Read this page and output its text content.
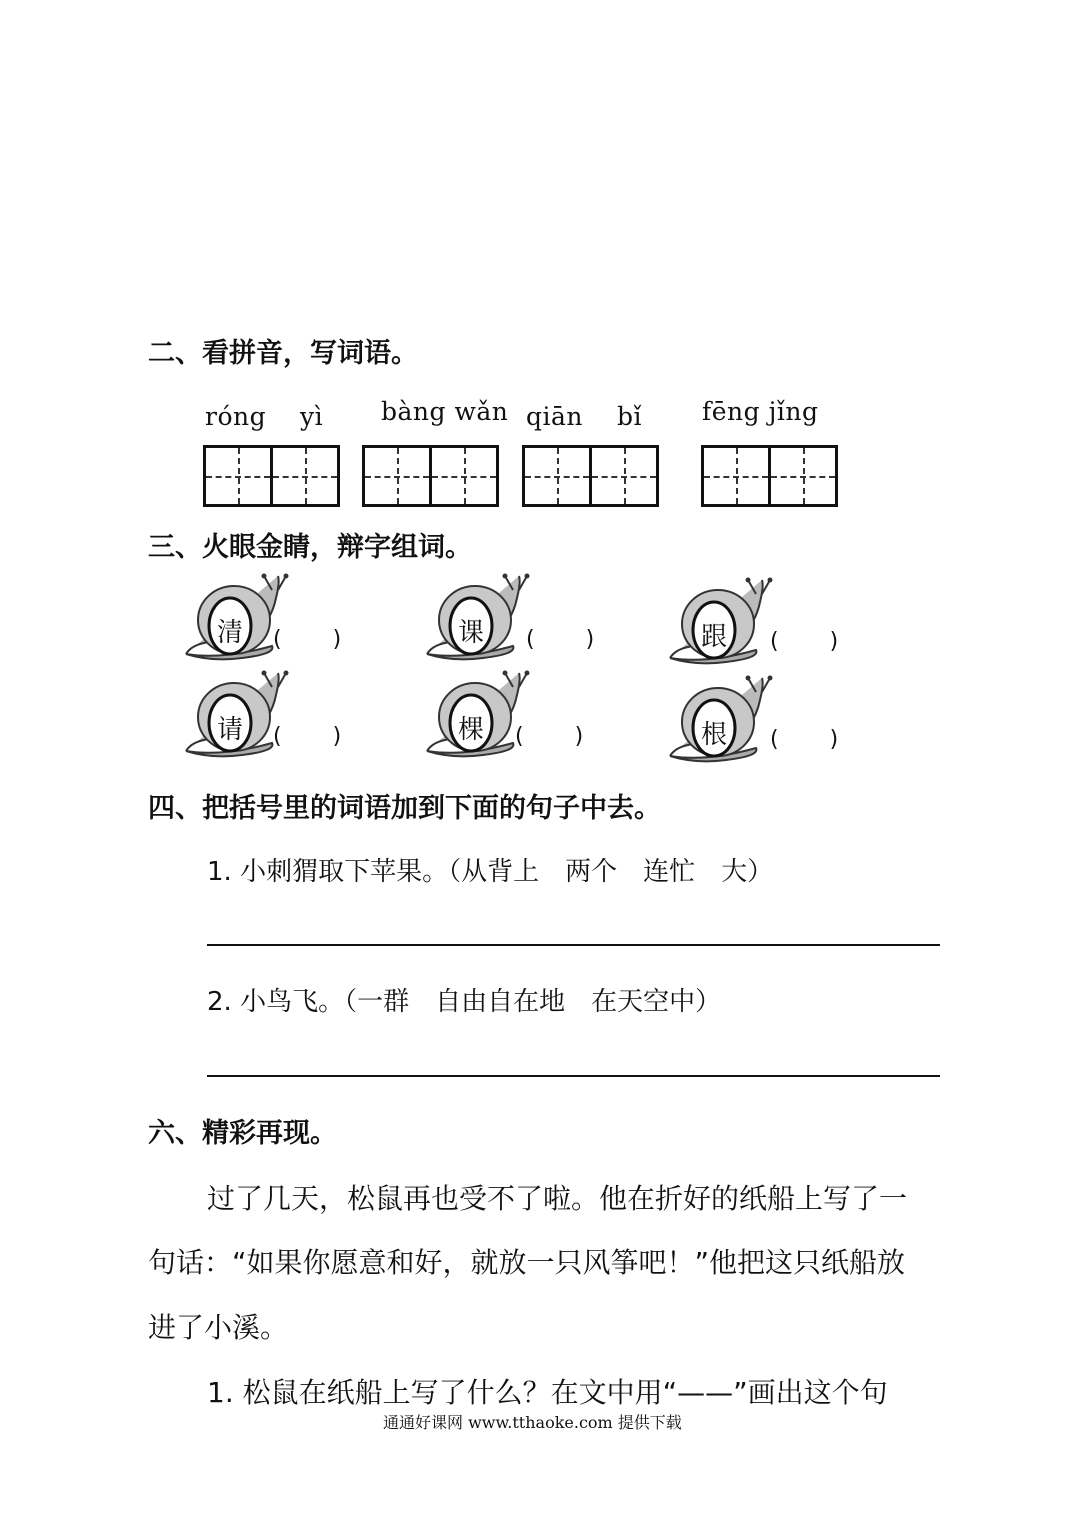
二、看拼音，写词语。
róng　 yì bàng wǎn qiān　 bǐ fēng jǐng
三、火眼金睛，辩字组词。
清	(　　 )	课	(　　 )	跟	(　　 )
请	(　　 )	棵	(　　 )	根	(　　 )
四、把括号里的词语加到下面的句子中去。
1. 小刺猬取下苹果。（从背上　两个　连忙　大）
2. 小鸟飞。（一群　自由自在地　在天空中）
六、精彩再现。
过了几天，松鼠再也受不了啦。他在折好的纸船上写了一
句话：“如果你愿意和好，就放一只风筝吧！”他把这只纸船放
进了小溪。
1. 松鼠在纸船上写了什么？在文中用“——”画出这个句
通通好课网 www.tthaoke.com 提供下载
